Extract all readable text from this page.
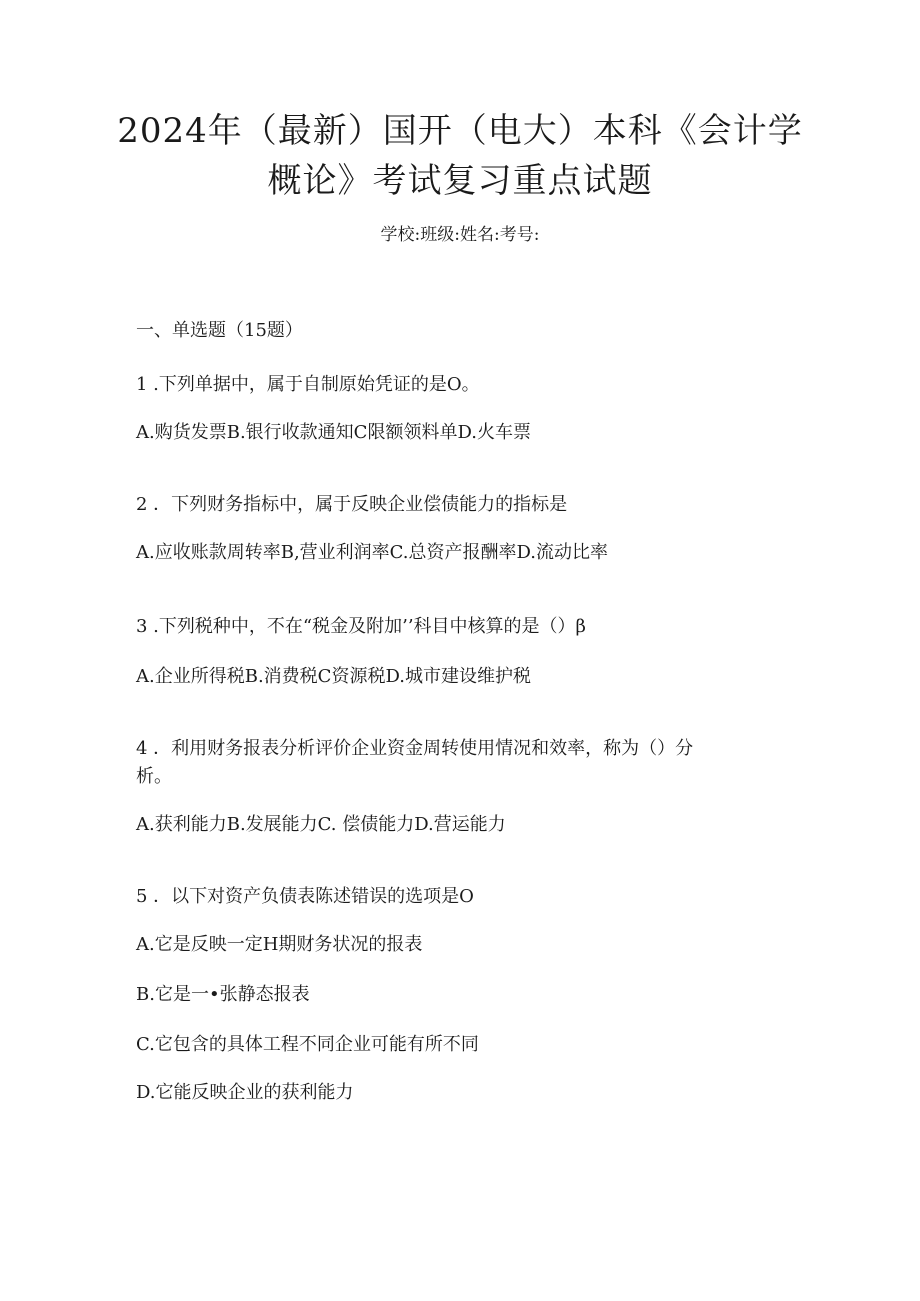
2024年（最新）国开（电大）本科《会计学
概论》考试复习重点试题
学校:班级:姓名:考号:
一、单选题（15题）
1 .下列单据中，属于自制原始凭证的是O。
A.购货发票B.银行收款通知C限额领料单D.火车票
2 ．下列财务指标中，属于反映企业偿债能力的指标是
A.应收账款周转率B,营业利润率C.总资产报酬率D.流动比率
3 .下列税种中，不在“税金及附加’’科目中核算的是（）β
A.企业所得税B.消费税C资源税D.城市建设维护税
4 ．利用财务报表分析评价企业资金周转使用情况和效率，称为（）分
析。
A.获利能力B.发展能力C. 偿债能力D.营运能力
5 ．以下对资产负债表陈述错误的选项是O
A.它是反映一定H期财务状况的报表
B.它是一•张静态报表
C.它包含的具体工程不同企业可能有所不同
D.它能反映企业的获利能力
